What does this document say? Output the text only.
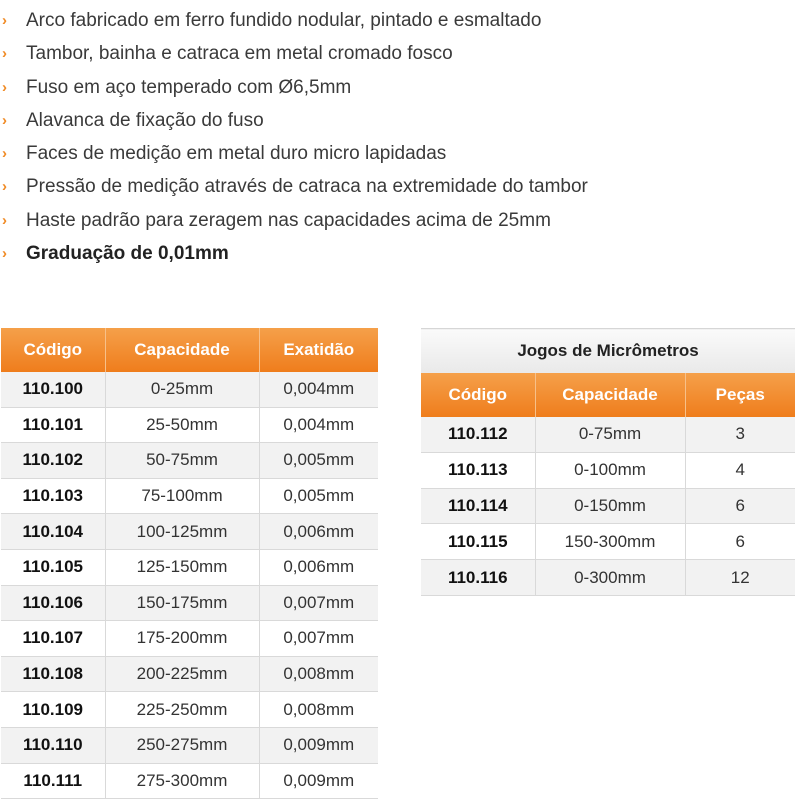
› Arco fabricado em ferro fundido nodular, pintado e esmaltado
› Tambor, bainha e catraca em metal cromado fosco
› Fuso em aço temperado com Ø6,5mm
› Alavanca de fixação do fuso
› Faces de medição em metal duro micro lapidadas
› Pressão de medição através de catraca na extremidade do tambor
› Haste padrão para zeragem nas capacidades acima de 25mm
› Graduação de 0,01mm
Código	Capacidade	Exatidão
110.100	0-25mm	0,004mm
110.101	25-50mm	0,004mm
110.102	50-75mm	0,005mm
110.103	75-100mm	0,005mm
110.104	100-125mm	0,006mm
110.105	125-150mm	0,006mm
110.106	150-175mm	0,007mm
110.107	175-200mm	0,007mm
110.108	200-225mm	0,008mm
110.109	225-250mm	0,008mm
110.110	250-275mm	0,009mm
110.111	275-300mm	0,009mm
Jogos de Micrômetros		
Código	Capacidade	Peças
110.112	0-75mm	3
110.113	0-100mm	4
110.114	0-150mm	6
110.115	150-300mm	6
110.116	0-300mm	12
